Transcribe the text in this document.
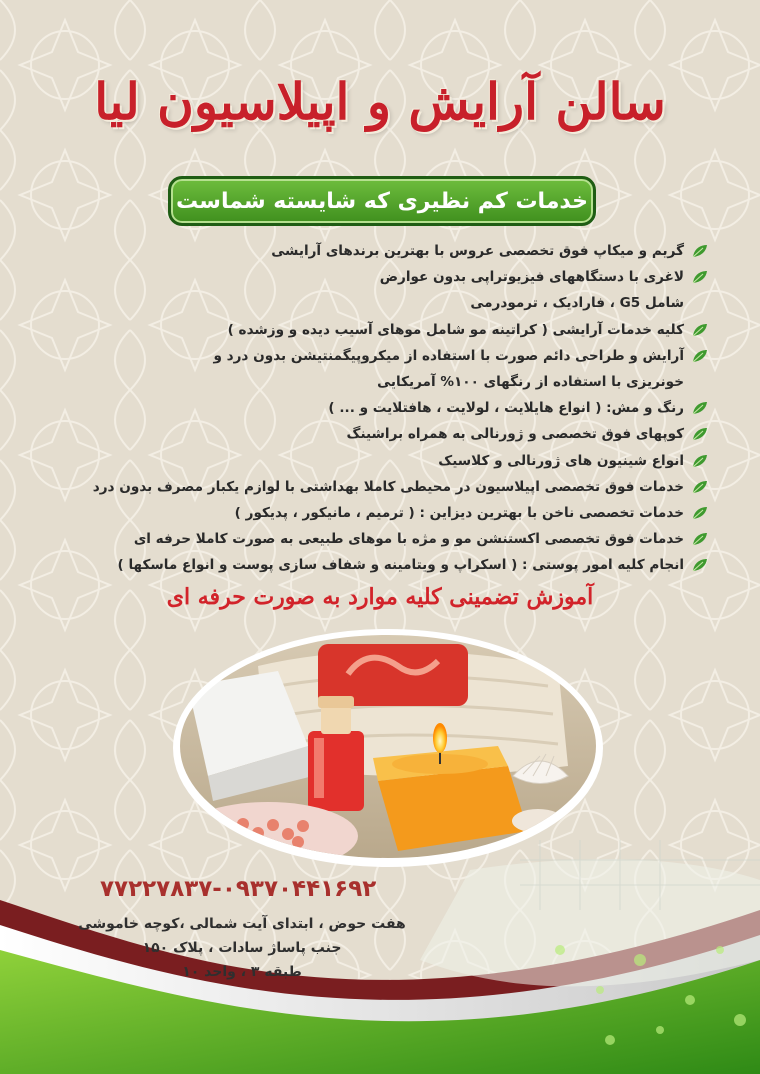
سالن آرایش و اپیلاسیون لیا
خدمات کم نظیری که شایسته شماست
گریم و میکاپ فوق تخصصی عروس با بهترین برندهای آرایشی
لاغری با دستگاههای فیزیوتراپی بدون عوارض
شامل G5 ، فارادیک ، ترمودرمی
کلیه خدمات آرایشی ( کراتینه مو شامل موهای آسیب دیده و وزشده )
آرایش و طراحی دائم صورت با استفاده از میکروپیگمنتیشن بدون درد و
خونریزی با استفاده از رنگهای ۱۰۰% آمریکایی
رنگ و مش: ( انواع هایلایت ، لولایت ، هافتلایت و ... )
کوپهای فوق تخصصی و ژورنالی به همراه براشینگ
انواع شینیون های ژورنالی و کلاسیک
خدمات فوق تخصصی اپیلاسیون در محیطی کاملا بهداشتی با لوازم یکبار مصرف بدون درد
خدمات تخصصی ناخن با بهترین دیزاین : ( ترمیم ، مانیکور ، پدیکور )
خدمات فوق تخصصی اکستنشن مو و مژه با موهای طبیعی به صورت کاملا حرفه ای
انجام کلیه امور پوستی : ( اسکراپ و ویتامینه و شفاف سازی پوست و انواع ماسکها )
آموزش تضمینی کلیه موارد به صورت حرفه ای
۷۷۲۲۷۸۳۷-۰۹۳۷۰۴۴۱۶۹۲
هفت حوض ، ابتدای آیت شمالی ،کوچه خاموشی
جنب پاساژ سادات ، پلاک ۱۵۰
طبقه ۳ ، واحد ۱۰
